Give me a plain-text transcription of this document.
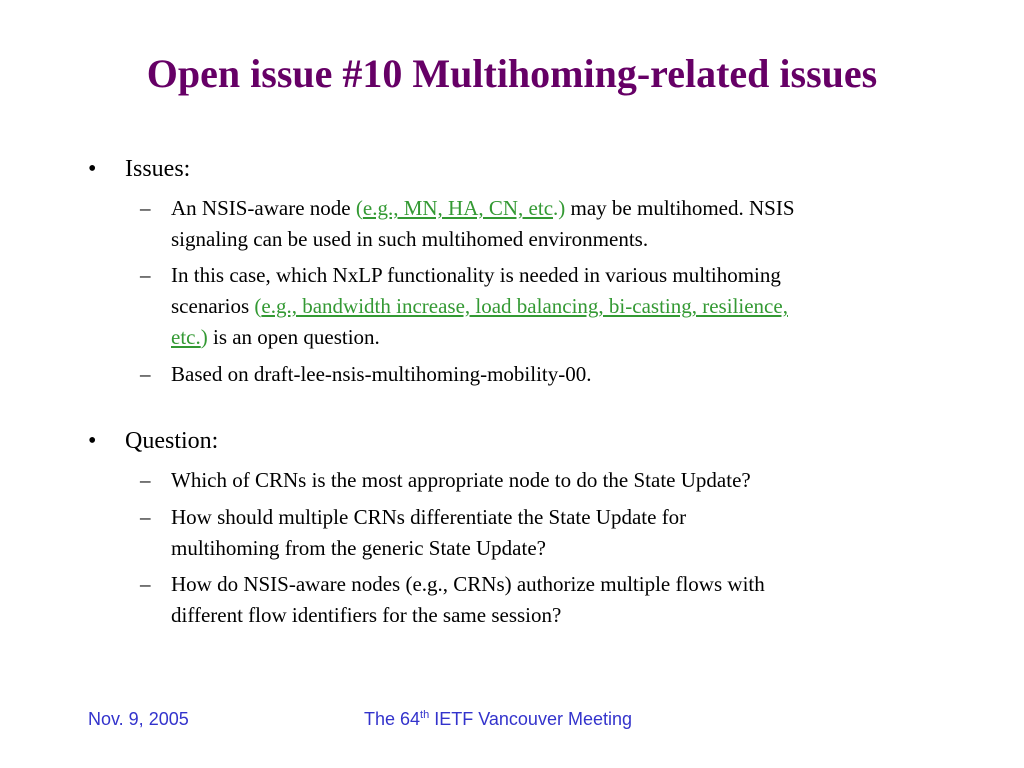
Open issue #10 Multihoming-related issues
•	Issues:
– An NSIS-aware node (e.g., MN, HA, CN, etc.) may be multihomed. NSIS
signaling can be used in such multihomed environments.
– In this case, which NxLP functionality is needed in various multihoming
scenarios (e.g., bandwidth increase, load balancing, bi-casting, resilience,
etc.) is an open question.
– Based on draft-lee-nsis-multihoming-mobility-00.
•	Question:
– Which of CRNs is the most appropriate node to do the State Update?
– How should multiple CRNs differentiate the State Update for
multihoming from the generic State Update?
– How do NSIS-aware nodes (e.g., CRNs) authorize multiple flows with
different flow identifiers for the same session?
Nov. 9, 2005	The 64th IETF Vancouver Meeting
